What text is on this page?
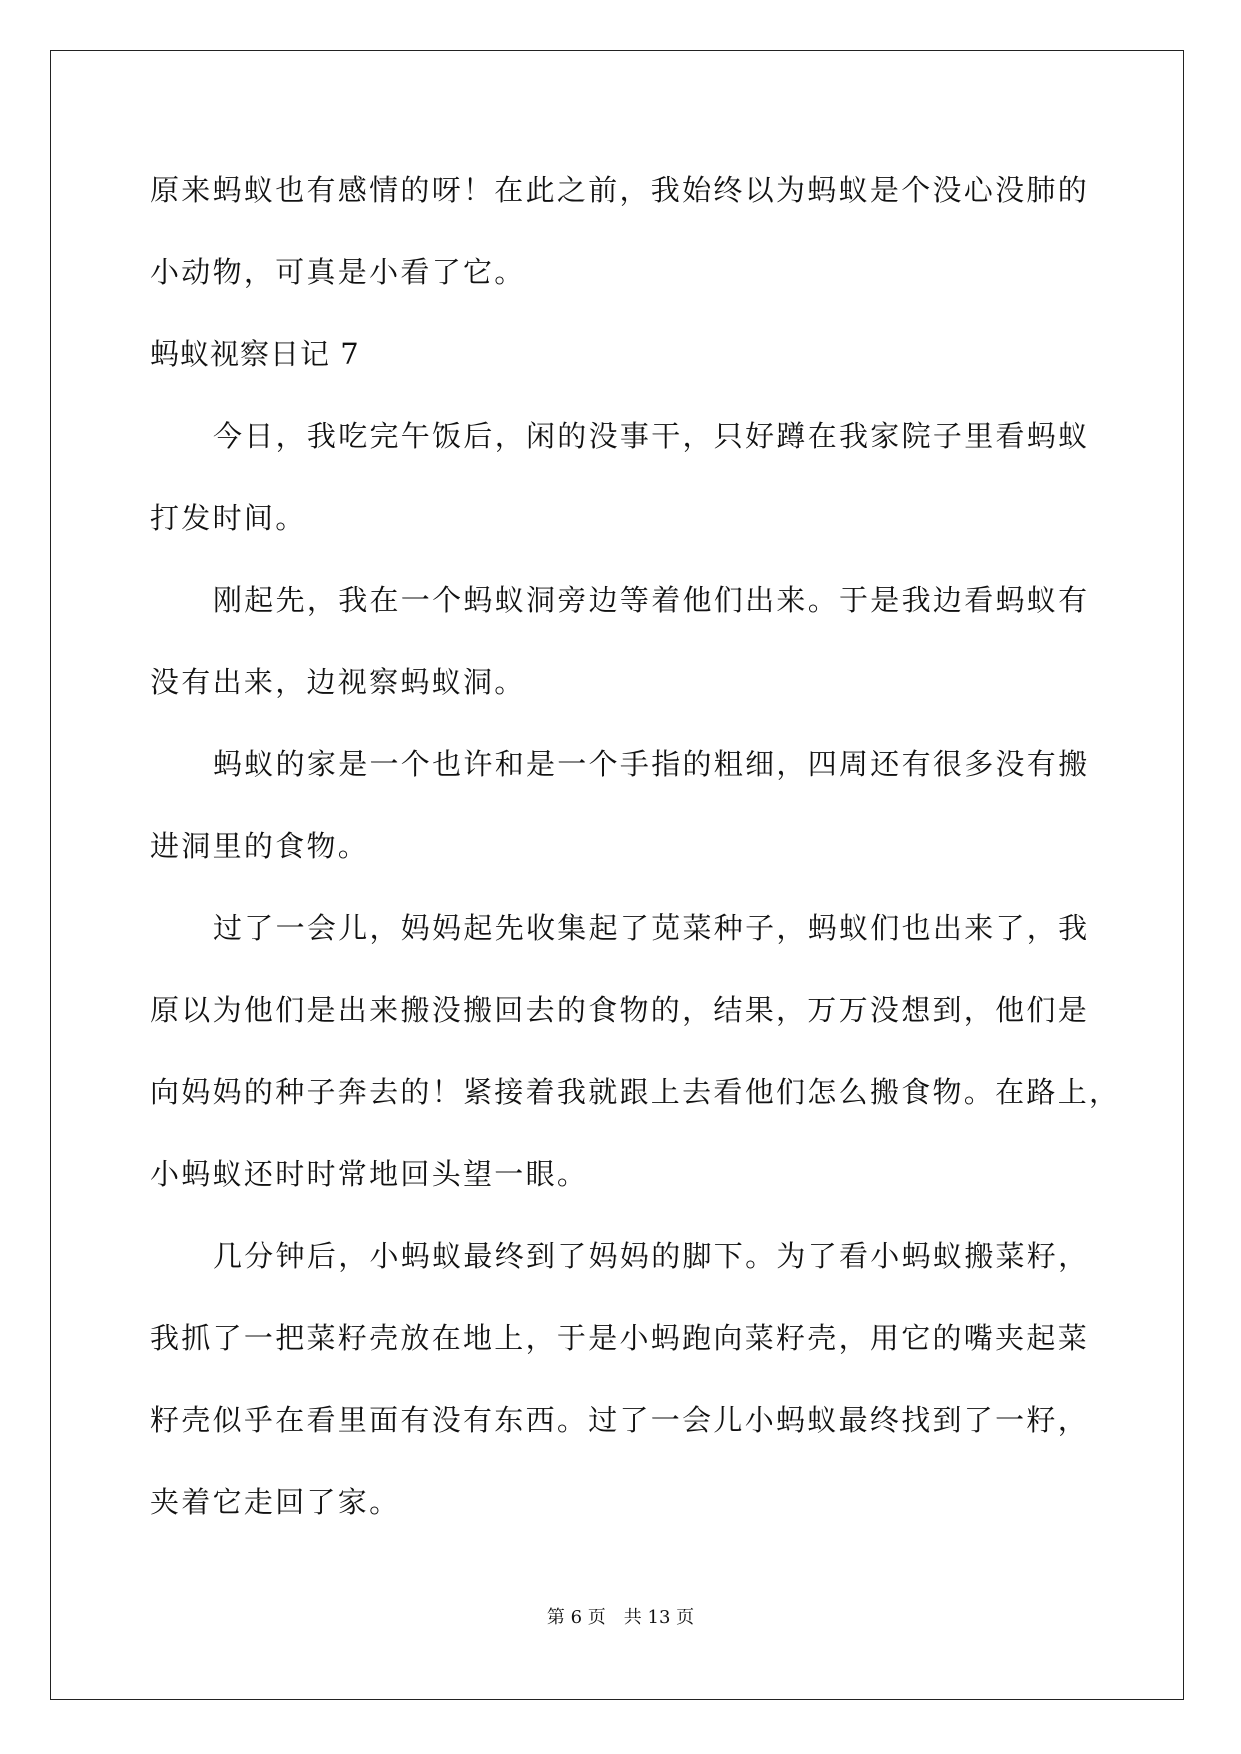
原来蚂蚁也有感情的呀！在此之前，我始终以为蚂蚁是个没心没肺的
小动物，可真是小看了它。
蚂蚁视察日记 7
今日，我吃完午饭后，闲的没事干，只好蹲在我家院子里看蚂蚁
打发时间。
刚起先，我在一个蚂蚁洞旁边等着他们出来。于是我边看蚂蚁有
没有出来，边视察蚂蚁洞。
蚂蚁的家是一个也许和是一个手指的粗细，四周还有很多没有搬
进洞里的食物。
过了一会儿，妈妈起先收集起了苋菜种子，蚂蚁们也出来了，我
原以为他们是出来搬没搬回去的食物的，结果，万万没想到，他们是
向妈妈的种子奔去的！紧接着我就跟上去看他们怎么搬食物。在路上，
小蚂蚁还时时常地回头望一眼。
几分钟后，小蚂蚁最终到了妈妈的脚下。为了看小蚂蚁搬菜籽，
我抓了一把菜籽壳放在地上，于是小蚂跑向菜籽壳，用它的嘴夹起菜
籽壳似乎在看里面有没有东西。过了一会儿小蚂蚁最终找到了一籽，
夹着它走回了家。
第 6 页 共 13 页
